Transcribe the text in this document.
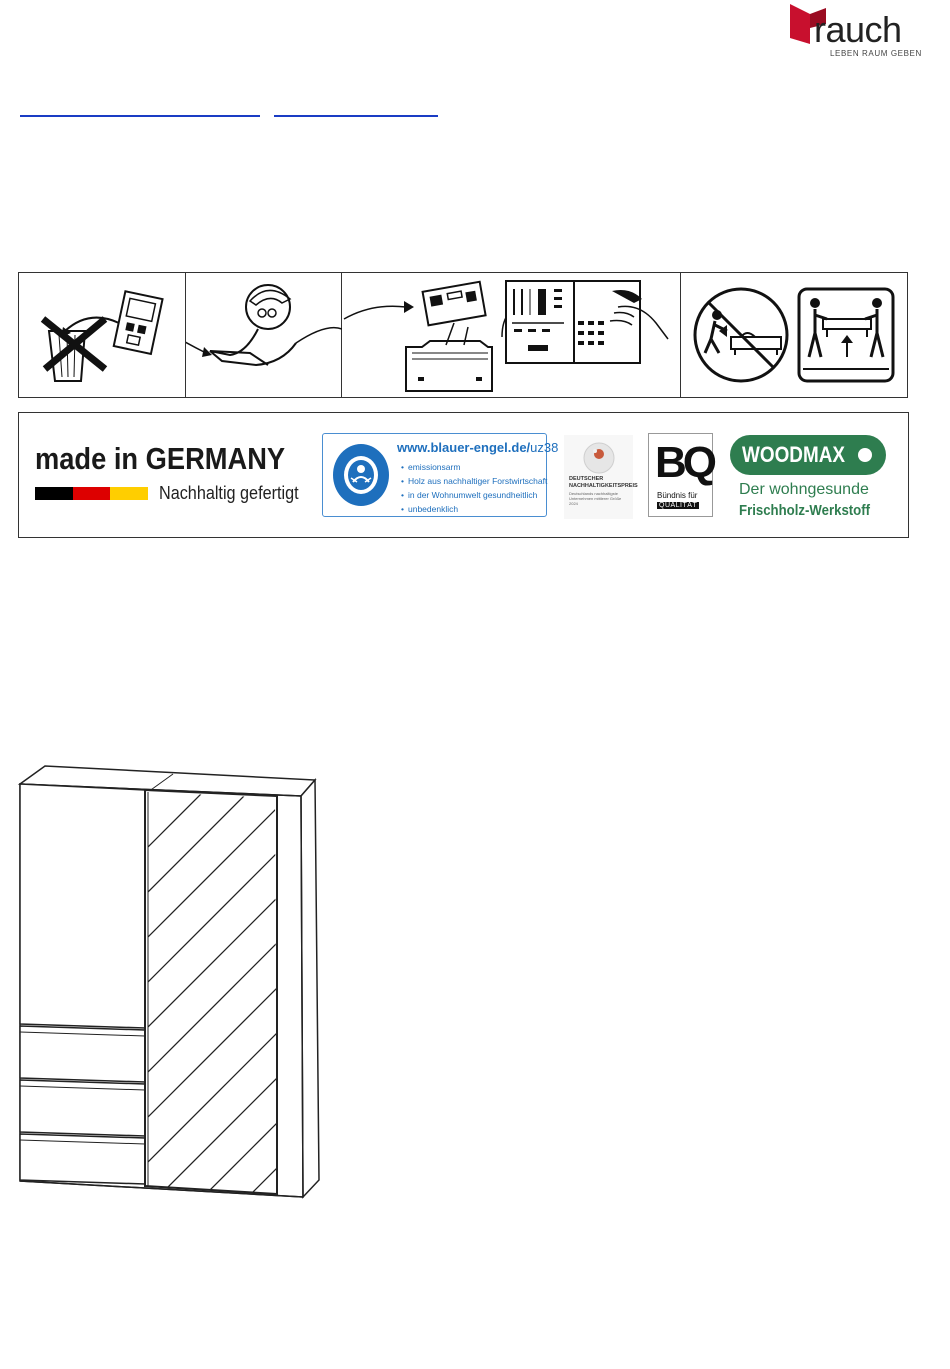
rauch
LEBEN RAUM GEBEN
made in GERMANY
Nachhaltig gefertigt
www.blauer-engel.de/uz38
• emissionsarm
• Holz aus nachhaltiger Forstwirtschaft
• in der Wohnumwelt gesundheitlich
• unbedenklich
DEUTSCHER NACHHALTIGKEITSPREIS
Deutschlands nachhaltigste Unternehmen mittlerer Größe 2024
BQ
Bündnis für
QUALITÄT
WOODMAX
Der wohngesunde
Frischholz-Werkstoff
